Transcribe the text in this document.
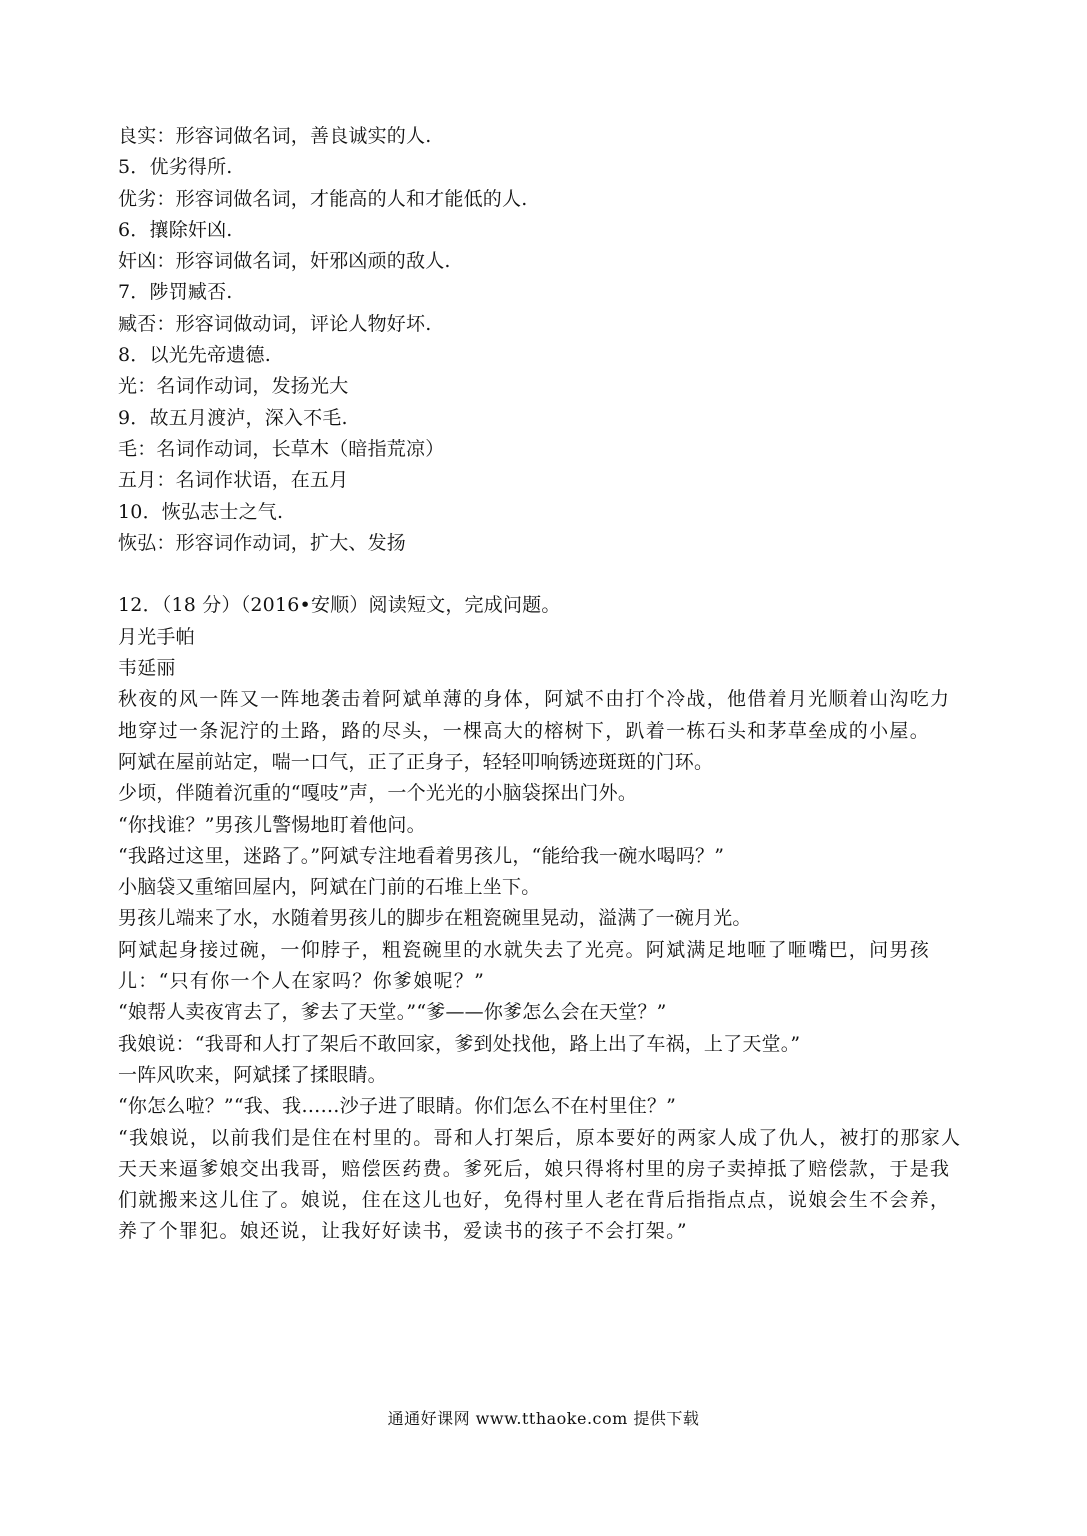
良实：形容词做名词，善良诚实的人.
5．优劣得所.
优劣：形容词做名词，才能高的人和才能低的人.
6．攘除奸凶.
奸凶：形容词做名词，奸邪凶顽的敌人.
7．陟罚臧否.
臧否：形容词做动词，评论人物好坏.
8．以光先帝遗德.
光：名词作动词，发扬光大
9．故五月渡泸，深入不毛.
毛：名词作动词，长草木（暗指荒凉）
五月：名词作状语，在五月
10．恢弘志士之气.
恢弘：形容词作动词，扩大、发扬
12．（18 分）（2016•安顺）阅读短文，完成问题。
月光手帕
韦延丽
秋夜的风一阵又一阵地袭击着阿斌单薄的身体，阿斌不由打个冷战，他借着月光顺着山沟吃力地穿过一条泥泞的土路，路的尽头，一棵高大的榕树下，趴着一栋石头和茅草垒成的小屋。
阿斌在屋前站定，喘一口气，正了正身子，轻轻叩响锈迹斑斑的门环。
少顷，伴随着沉重的“嘎吱”声，一个光光的小脑袋探出门外。
“你找谁？”男孩儿警惕地盯着他问。
“我路过这里，迷路了。”阿斌专注地看着男孩儿，“能给我一碗水喝吗？”
小脑袋又重缩回屋内，阿斌在门前的石堆上坐下。
男孩儿端来了水，水随着男孩儿的脚步在粗瓷碗里晃动，溢满了一碗月光。
阿斌起身接过碗，一仰脖子，粗瓷碗里的水就失去了光亮。阿斌满足地咂了咂嘴巴，问男孩儿：“只有你一个人在家吗？你爹娘呢？”
“娘帮人卖夜宵去了，爹去了天堂。”“爹——你爹怎么会在天堂？”
我娘说：“我哥和人打了架后不敢回家，爹到处找他，路上出了车祸，上了天堂。”
一阵风吹来，阿斌揉了揉眼睛。
“你怎么啦？”“我、我……沙子进了眼睛。你们怎么不在村里住？”
“我娘说，以前我们是住在村里的。哥和人打架后，原本要好的两家人成了仇人，被打的那家人天天来逼爹娘交出我哥，赔偿医药费。爹死后，娘只得将村里的房子卖掉抵了赔偿款，于是我们就搬来这儿住了。娘说，住在这儿也好，免得村里人老在背后指指点点，说娘会生不会养，养了个罪犯。娘还说，让我好好读书，爱读书的孩子不会打架。”
通通好课网 www.tthaoke.com 提供下载
